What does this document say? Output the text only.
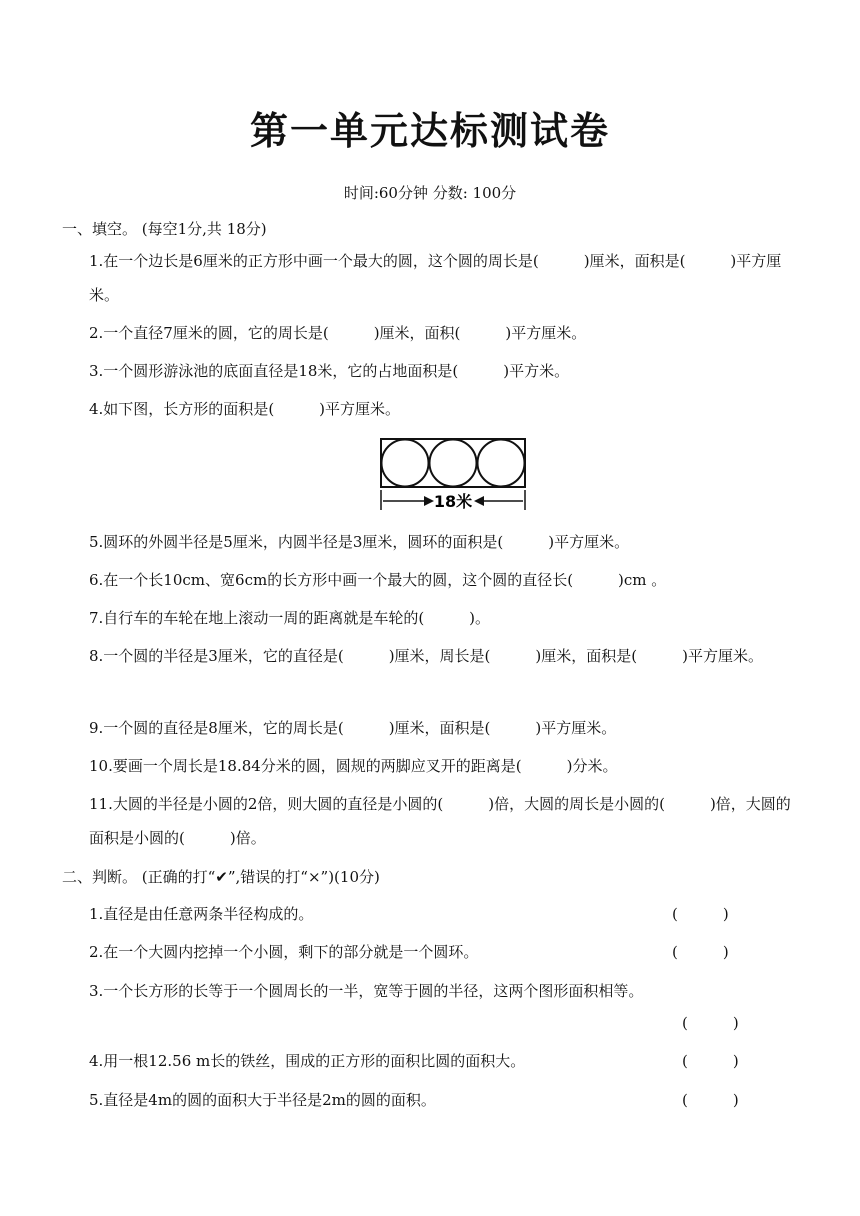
第一单元达标测试卷
时间:60分钟 分数: 100分
一、填空。 (每空1分,共 18分)
1.在一个边长是6厘米的正方形中画一个最大的圆，这个圆的周长是(　　　)厘米，面积是(　　　)平方厘米。
2.一个直径7厘米的圆，它的周长是(　　　)厘米，面积(　　　)平方厘米。
3.一个圆形游泳池的底面直径是18米，它的占地面积是(　　　)平方米。
4.如下图，长方形的面积是(　　　)平方厘米。
18米
5.圆环的外圆半径是5厘米，内圆半径是3厘米，圆环的面积是(　　　)平方厘米。
6.在一个长10cm、宽6cm的长方形中画一个最大的圆，这个圆的直径长(　　　)cm 。
7.自行车的车轮在地上滚动一周的距离就是车轮的(　　　)。
8.一个圆的半径是3厘米，它的直径是(　　　)厘米，周长是(　　　)厘米，面积是(　　　)平方厘米。
9.一个圆的直径是8厘米，它的周长是(　　　)厘米，面积是(　　　)平方厘米。
10.要画一个周长是18.84分米的圆，圆规的两脚应叉开的距离是(　　　)分米。
11.大圆的半径是小圆的2倍，则大圆的直径是小圆的(　　　)倍，大圆的周长是小圆的(　　　)倍，大圆的面积是小圆的(　　　)倍。
二、判断。 (正确的打“✔”,错误的打“×”)(10分)
1.直径是由任意两条半径构成的。	(　　　)
2.在一个大圆内挖掉一个小圆，剩下的部分就是一个圆环。	(　　　)
3.一个长方形的长等于一个圆周长的一半，宽等于圆的半径，这两个图形面积相等。
(　　　)
4.用一根12.56 m长的铁丝，围成的正方形的面积比圆的面积大。	(　　　)
5.直径是4m的圆的面积大于半径是2m的圆的面积。	(　　　)
